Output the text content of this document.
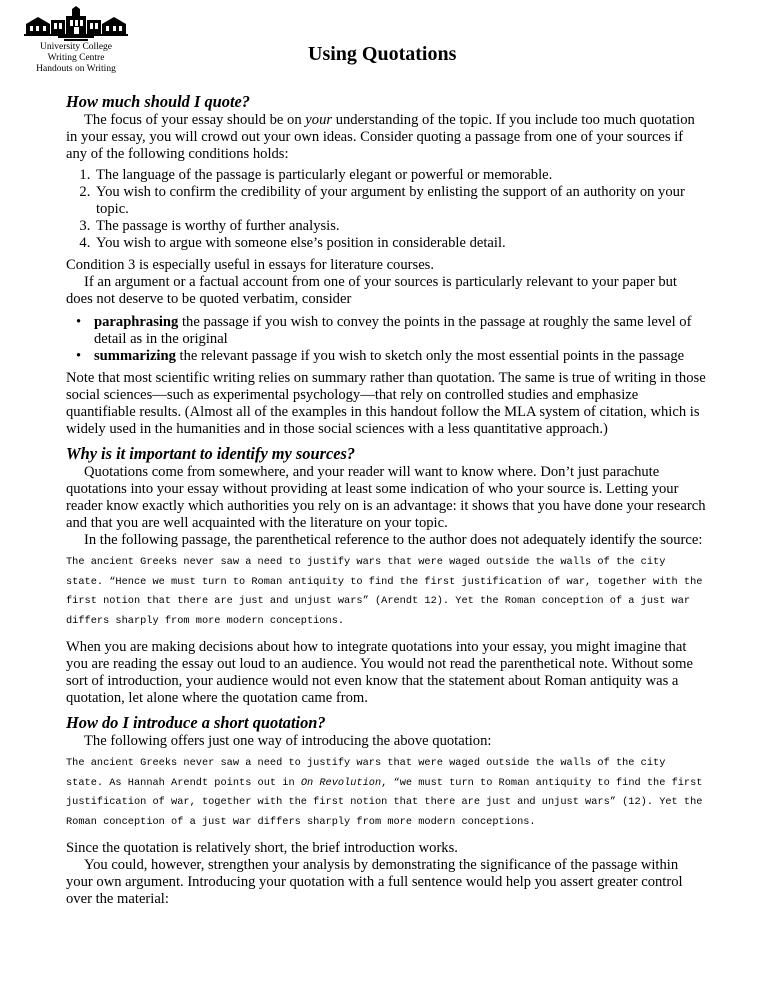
University College
Writing Centre
Handouts on Writing
Using Quotations
How much should I quote?

The focus of your essay should be on your understanding of the topic. If you include too much quotation in your essay, you will crowd out your own ideas. Consider quoting a passage from one of your sources if any of the following conditions holds:

1. The language of the passage is particularly elegant or powerful or memorable.
2. You wish to confirm the credibility of your argument by enlisting the support of an authority on your topic.
3. The passage is worthy of further analysis.
4. You wish to argue with someone else’s position in considerable detail.

Condition 3 is especially useful in essays for literature courses.

If an argument or a factual account from one of your sources is particularly relevant to your paper but does not deserve to be quoted verbatim, consider

• paraphrasing the passage if you wish to convey the points in the passage at roughly the same level of detail as in the original
• summarizing the relevant passage if you wish to sketch only the most essential points in the passage

Note that most scientific writing relies on summary rather than quotation. The same is true of writing in those social sciences—such as experimental psychology—that rely on controlled studies and emphasize quantifiable results. (Almost all of the examples in this handout follow the MLA system of citation, which is widely used in the humanities and in those social sciences with a less quantitative approach.)

Why is it important to identify my sources?

Quotations come from somewhere, and your reader will want to know where. Don’t just parachute quotations into your essay without providing at least some indication of who your source is. Letting your reader know exactly which authorities you rely on is an advantage: it shows that you have done your research and that you are well acquainted with the literature on your topic.

In the following passage, the parenthetical reference to the author does not adequately identify the source:

The ancient Greeks never saw a need to justify wars that were waged outside the walls of the city state. “Hence we must turn to Roman antiquity to find the first justification of war, together with the first notion that there are just and unjust wars” (Arendt 12). Yet the Roman conception of a just war differs sharply from more modern conceptions.

When you are making decisions about how to integrate quotations into your essay, you might imagine that you are reading the essay out loud to an audience. You would not read the parenthetical note. Without some sort of introduction, your audience would not even know that the statement about Roman antiquity was a quotation, let alone where the quotation came from.

How do I introduce a short quotation?

The following offers just one way of introducing the above quotation:

The ancient Greeks never saw a need to justify wars that were waged outside the walls of the city state. As Hannah Arendt points out in On Revolution, “we must turn to Roman antiquity to find the first justification of war, together with the first notion that there are just and unjust wars” (12). Yet the Roman conception of a just war differs sharply from more modern conceptions.

Since the quotation is relatively short, the brief introduction works.

You could, however, strengthen your analysis by demonstrating the significance of the passage within your own argument. Introducing your quotation with a full sentence would help you assert greater control over the material:
